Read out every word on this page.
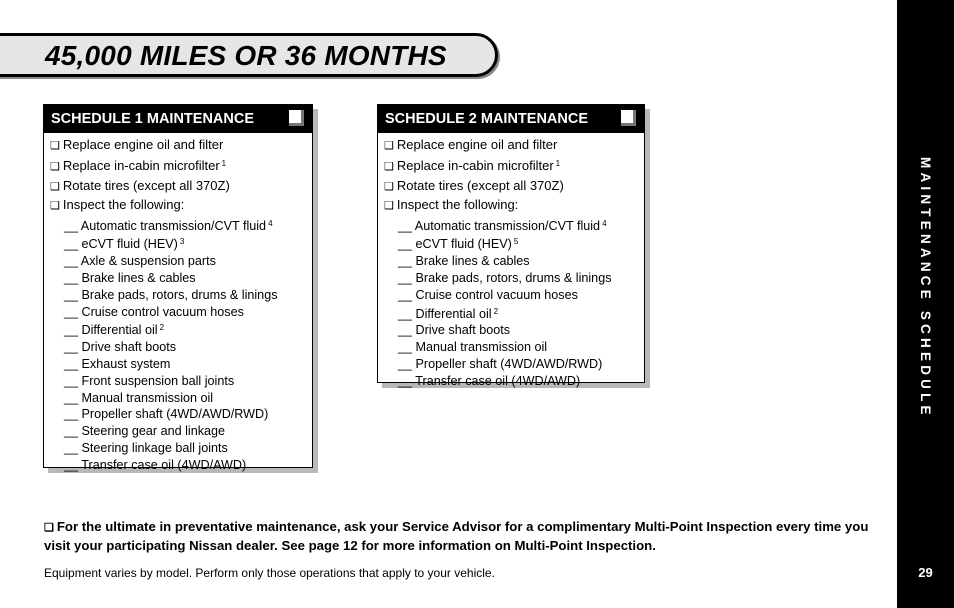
45,000 MILES OR 36 MONTHS
MAINTENANCE SCHEDULE
29
SCHEDULE 1 MAINTENANCE
❑ Replace engine oil and filter
❑ Replace in-cabin microfilter $^1$
❑ Rotate tires (except all 370Z)
❑ Inspect the following:
__ Automatic transmission/CVT fluid $^4$
__ eCVT fluid (HEV) $^3$
__ Axle & suspension parts
__ Brake lines & cables
__ Brake pads, rotors, drums & linings
__ Cruise control vacuum hoses
__ Differential oil $^2$
__ Drive shaft boots
__ Exhaust system
__ Front suspension ball joints
__ Manual transmission oil
__ Propeller shaft (4WD/AWD/RWD)
__ Steering gear and linkage
__ Steering linkage ball joints
__ Transfer case oil (4WD/AWD)
SCHEDULE 2 MAINTENANCE
❑ Replace engine oil and filter
❑ Replace in-cabin microfilter $^1$
❑ Rotate tires (except all 370Z)
❑ Inspect the following:
__ Automatic transmission/CVT fluid $^4$
__ eCVT fluid (HEV) $^5$
__ Brake lines & cables
__ Brake pads, rotors, drums & linings
__ Cruise control vacuum hoses
__ Differential oil $^2$
__ Drive shaft boots
__ Manual transmission oil
__ Propeller shaft (4WD/AWD/RWD)
__ Transfer case oil (4WD/AWD)
❑ For the ultimate in preventative maintenance, ask your Service Advisor for a complimentary Multi-Point Inspection every time you visit your participating Nissan dealer. See page 12 for more information on Multi-Point Inspection.
Equipment varies by model. Perform only those operations that apply to your vehicle.
